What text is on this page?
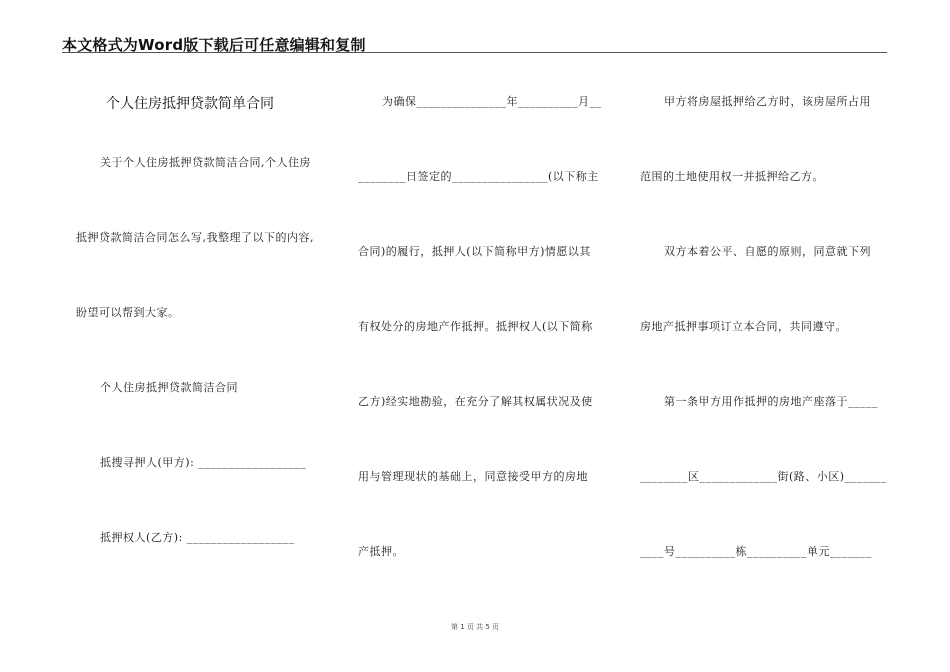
本文格式为Word版下载后可任意编辑和复制
个人住房抵押贷款简单合同
关于个人住房抵押贷款简洁合同,个人住房
抵押贷款简洁合同怎么写,我整理了以下的内容,
盼望可以帮到大家。
个人住房抵押贷款简洁合同
抵搜寻押人(甲方): __________________
抵押权人(乙方): __________________
为确保_______________年__________月__
________日签定的________________(以下称主
合同)的履行，抵押人(以下简称甲方)情愿以其
有权处分的房地产作抵押。抵押权人(以下简称
乙方)经实地勘验，在充分了解其权属状况及使
用与管理现状的基础上，同意接受甲方的房地
产抵押。
甲方将房屋抵押给乙方时，该房屋所占用
范围的土地使用权一并抵押给乙方。
双方本着公平、自愿的原则，同意就下列
房地产抵押事项订立本合同，共同遵守。
第一条甲方用作抵押的房地产座落于_____
________区_____________街(路、小区)_______
____号__________栋__________单元_______
第 1 页 共 5 页
